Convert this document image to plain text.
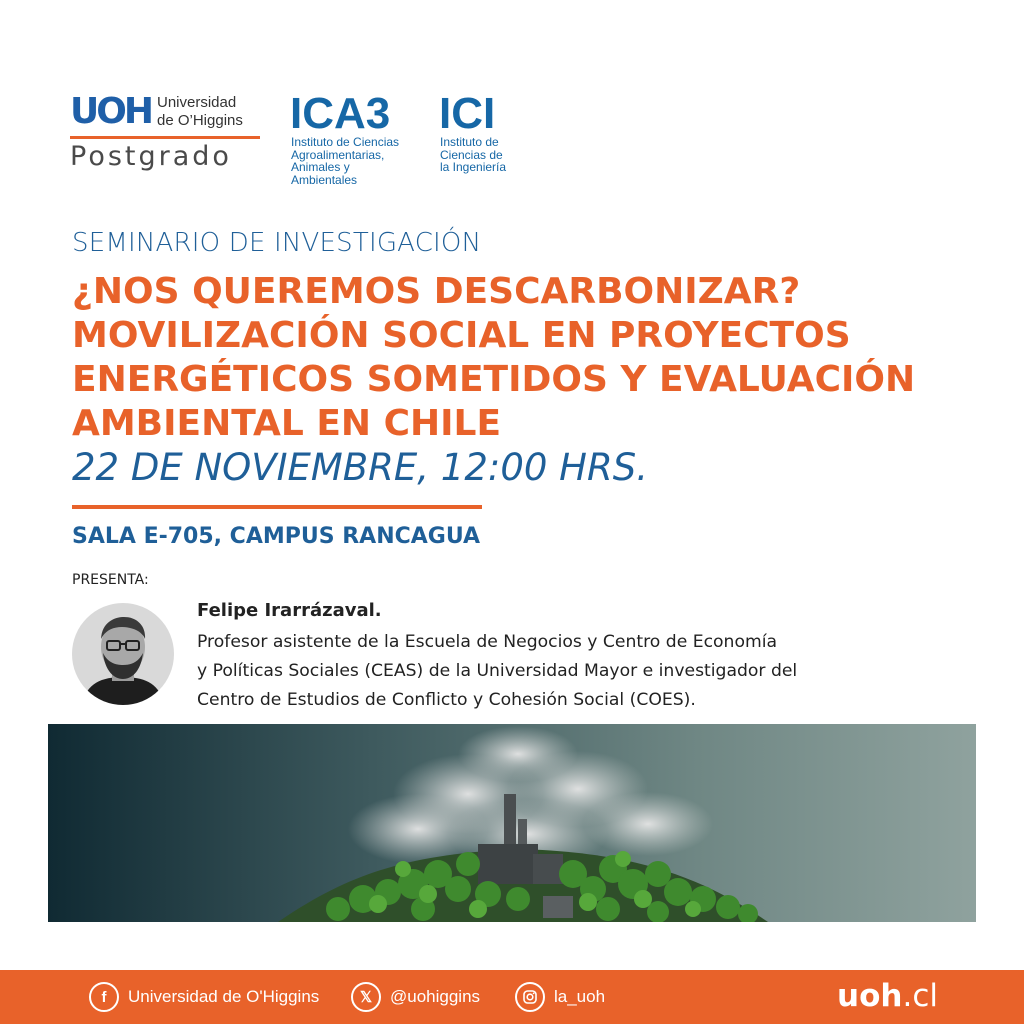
UOH Universidad
de O’Higgins
Postgrado
ICA3
Instituto de Ciencias
Agroalimentarias,
Animales y
Ambientales
ICI
Instituto de
Ciencias de
la Ingeniería
SEMINARIO DE INVESTIGACIÓN
¿NOS QUEREMOS DESCARBONIZAR?
MOVILIZACIÓN SOCIAL EN PROYECTOS
ENERGÉTICOS SOMETIDOS Y EVALUACIÓN
AMBIENTAL EN CHILE
22 DE NOVIEMBRE, 12:00 HRS.
SALA E-705, CAMPUS RANCAGUA
PRESENTA:
Felipe Irarrázaval.
Profesor asistente de la Escuela de Negocios y Centro de Economía
y Políticas Sociales (CEAS) de la Universidad Mayor e investigador del
Centro de Estudios de Conflicto y Cohesión Social (COES).
f	Universidad de O'Higgins	𝕏	@uohiggins	la_uoh	uoh.cl
